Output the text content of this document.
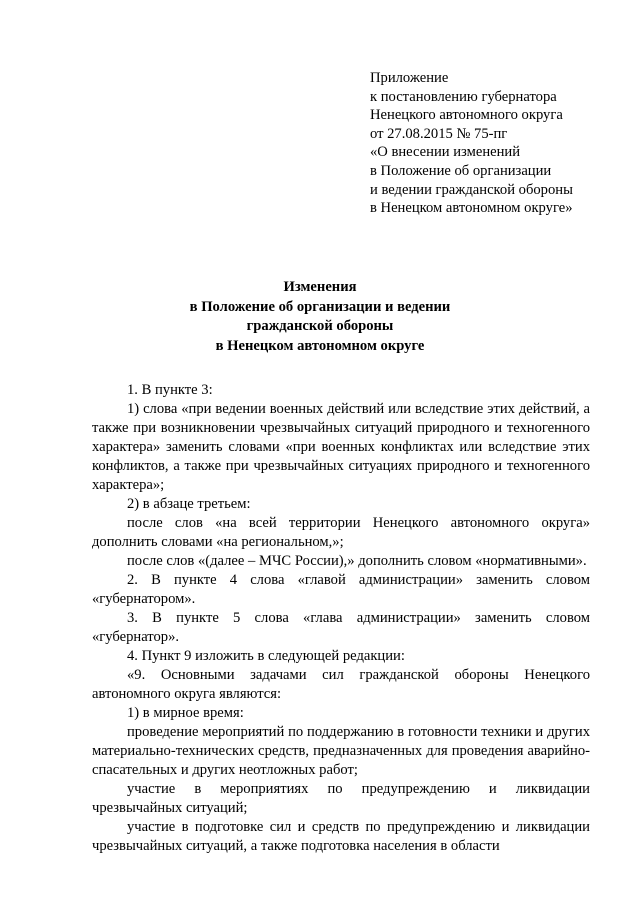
Приложение
к постановлению губернатора
Ненецкого автономного округа
от 27.08.2015 № 75-пг
«О внесении изменений
в Положение об организации
и ведении гражданской обороны
в Ненецком автономном округе»
Изменения
в Положение об организации и ведении
гражданской обороны
в Ненецком автономном округе

1. В пункте 3:

1) слова «при ведении военных действий или вследствие этих действий, а также при возникновении чрезвычайных ситуаций природного и техногенного характера» заменить словами «при военных конфликтах или вследствие этих конфликтов, а также при чрезвычайных ситуациях природного и техногенного характера»;

2) в абзаце третьем:

после слов «на всей территории Ненецкого автономного округа» дополнить словами «на региональном,»;

после слов «(далее – МЧС России),» дополнить словом «нормативными».

2. В пункте 4 слова «главой администрации» заменить словом «губернатором».

3. В пункте 5 слова «глава администрации» заменить словом «губернатор».

4. Пункт 9 изложить в следующей редакции:

«9. Основными задачами сил гражданской обороны Ненецкого автономного округа являются:

1) в мирное время:

проведение мероприятий по поддержанию в готовности техники и других материально-технических средств, предназначенных для проведения аварийно-спасательных и других неотложных работ;

участие в мероприятиях по предупреждению и ликвидации чрезвычайных ситуаций;

участие в подготовке сил и средств по предупреждению и ликвидации чрезвычайных ситуаций, а также подготовка населения в области
